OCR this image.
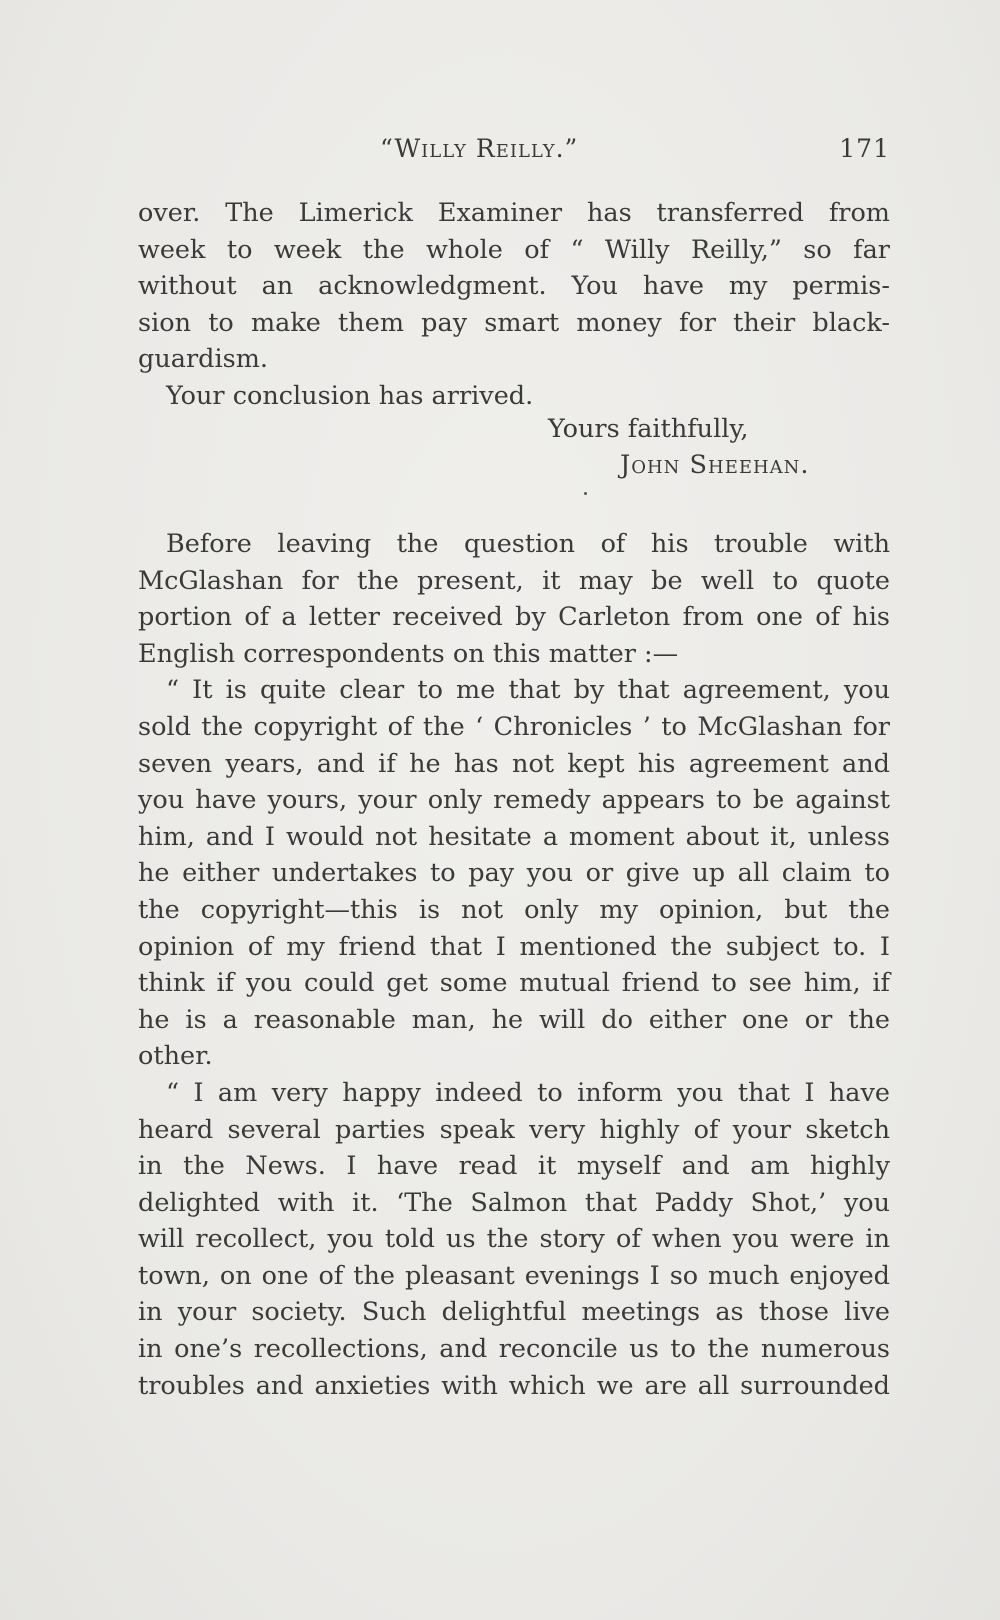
“Willy Reilly.”	171
over. The Limerick Examiner has transferred from
week to week the whole of “ Willy Reilly,” so far
without an acknowledgment. You have my permis-
sion to make them pay smart money for their black-
guardism.
Your conclusion has arrived.
Yours faithfully,
John Sheehan.
Before leaving the question of his trouble with
McGlashan for the present, it may be well to quote
portion of a letter received by Carleton from one of his
English correspondents on this matter :—
“ It is quite clear to me that by that agreement, you
sold the copyright of the ‘ Chronicles ’ to McGlashan for
seven years, and if he has not kept his agreement and
you have yours, your only remedy appears to be against
him, and I would not hesitate a moment about it, unless
he either undertakes to pay you or give up all claim to
the copyright—this is not only my opinion, but the
opinion of my friend that I mentioned the subject to. I
think if you could get some mutual friend to see him, if
he is a reasonable man, he will do either one or the
other.
“ I am very happy indeed to inform you that I have
heard several parties speak very highly of your sketch
in the News. I have read it myself and am highly
delighted with it. ‘The Salmon that Paddy Shot,’ you
will recollect, you told us the story of when you were in
town, on one of the pleasant evenings I so much enjoyed
in your society. Such delightful meetings as those live
in one’s recollections, and reconcile us to the numerous
troubles and anxieties with which we are all surrounded
